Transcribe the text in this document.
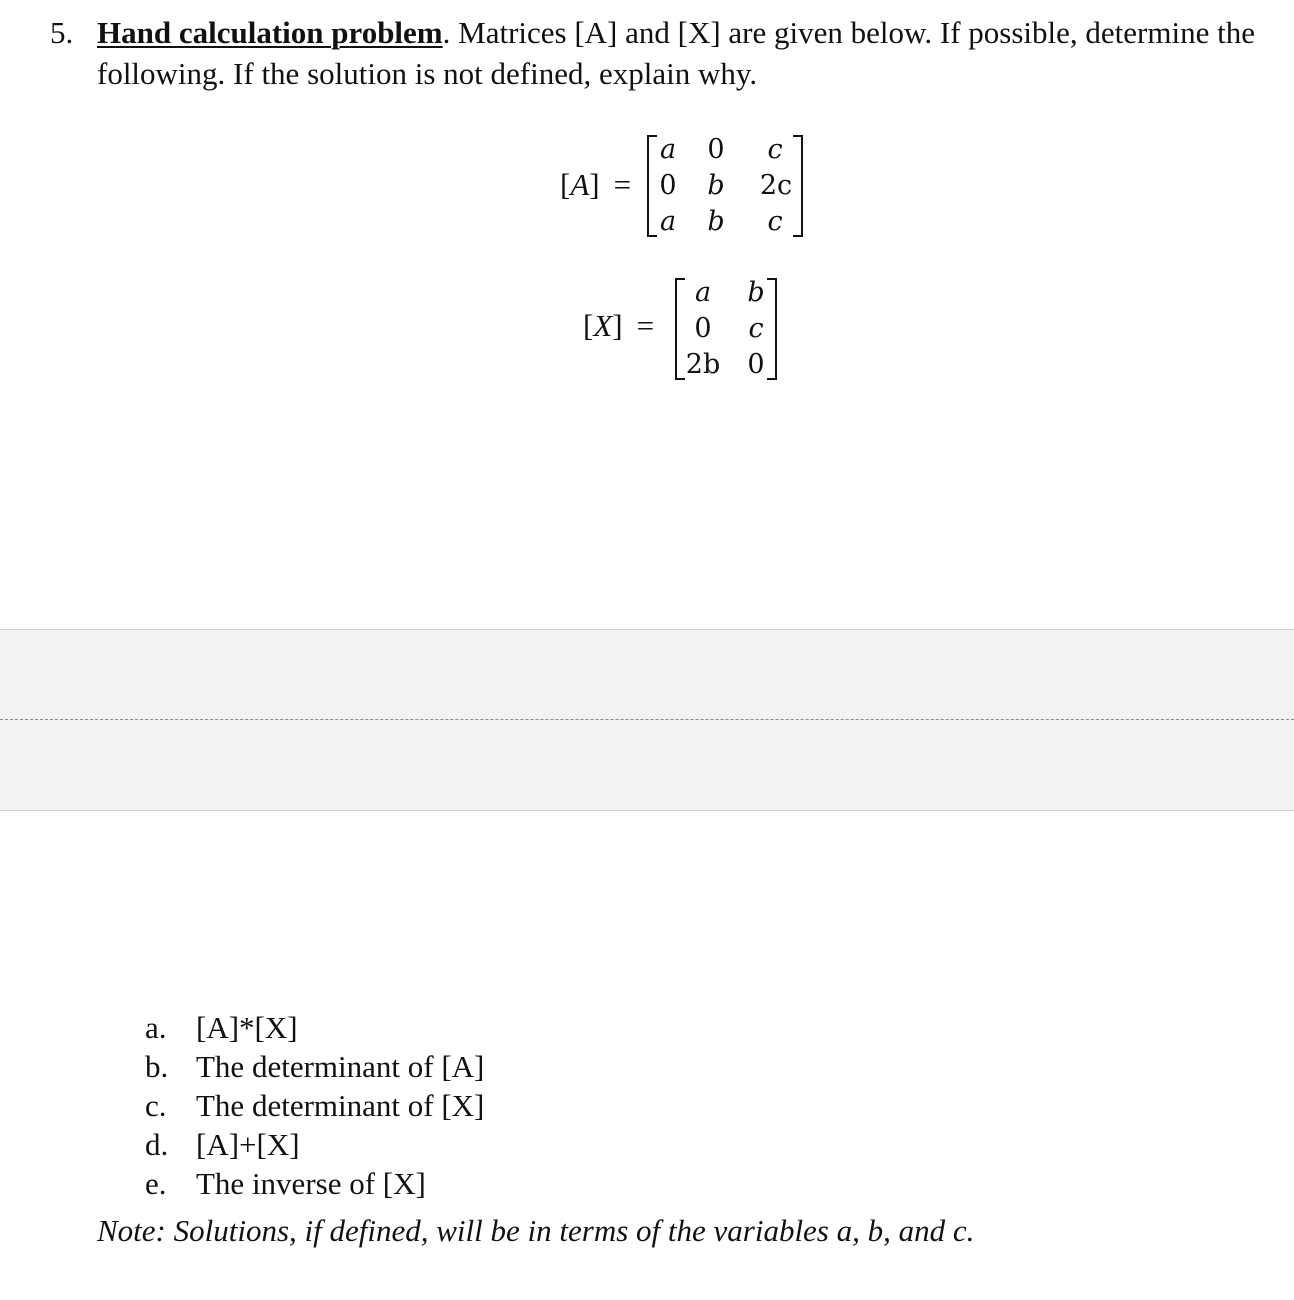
5. Hand calculation problem. Matrices [A] and [X] are given below. If possible, determine the following. If the solution is not defined, explain why.
[A] =
a 0	c
0 b 2c
a b	c
[X] =
a	b
0	c
2b 0
a. [A]*[X]
b. The determinant of [A]
c. The determinant of [X]
d. [A]+[X]
e. The inverse of [X]
Note: Solutions, if defined, will be in terms of the variables a, b, and c.
